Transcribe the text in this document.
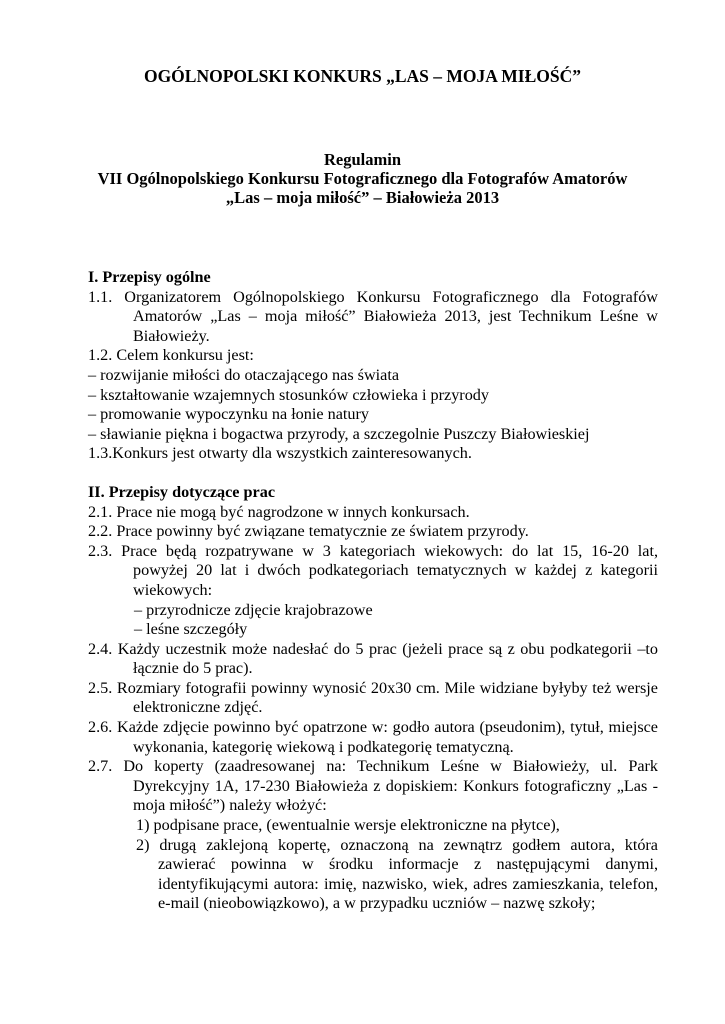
OGÓLNOPOLSKI KONKURS „LAS – MOJA MIŁOŚĆ”
Regulamin
VII Ogólnopolskiego Konkursu Fotograficznego dla Fotografów Amatorów
„Las – moja miłość” – Białowieża 2013
I. Przepisy ogólne

1.1. Organizatorem Ogólnopolskiego Konkursu Fotograficznego dla Fotografów Amatorów „Las – moja miłość” Białowieża 2013, jest Technikum Leśne w Białowieży.

1.2. Celem konkursu jest:

– rozwijanie miłości do otaczającego nas świata

– kształtowanie wzajemnych stosunków człowieka i przyrody

– promowanie wypoczynku na łonie natury

– sławianie piękna i bogactwa przyrody, a szczegolnie Puszczy Białowieskiej

1.3.Konkurs jest otwarty dla wszystkich zainteresowanych.

II. Przepisy dotyczące prac

2.1. Prace nie mogą być nagrodzone w innych konkursach.

2.2. Prace powinny być związane tematycznie ze światem przyrody.

2.3. Prace będą rozpatrywane w 3 kategoriach wiekowych: do lat 15, 16-20 lat, powyżej 20 lat i dwóch podkategoriach tematycznych w każdej z kategorii wiekowych:

– przyrodnicze zdjęcie krajobrazowe

– leśne szczegóły

2.4. Każdy uczestnik może nadesłać do 5 prac (jeżeli prace są z obu podkategorii –to łącznie do 5 prac).

2.5. Rozmiary fotografii powinny wynosić 20x30 cm. Mile widziane byłyby też wersje elektroniczne zdjęć.

2.6. Każde zdjęcie powinno być opatrzone w: godło autora (pseudonim), tytuł, miejsce wykonania, kategorię wiekową i podkategorię tematyczną.

2.7. Do koperty (zaadresowanej na: Technikum Leśne w Białowieży, ul. Park Dyrekcyjny 1A, 17-230 Białowieża z dopiskiem: Konkurs fotograficzny „Las - moja miłość”) należy włożyć:

1) podpisane prace, (ewentualnie wersje elektroniczne na płytce),

2) drugą zaklejoną kopertę, oznaczoną na zewnątrz godłem autora, która zawierać powinna w środku informacje z następującymi danymi, identyfikującymi autora: imię, nazwisko, wiek, adres zamieszkania, telefon, e-mail (nieobowiązkowo), a w przypadku uczniów – nazwę szkoły;
